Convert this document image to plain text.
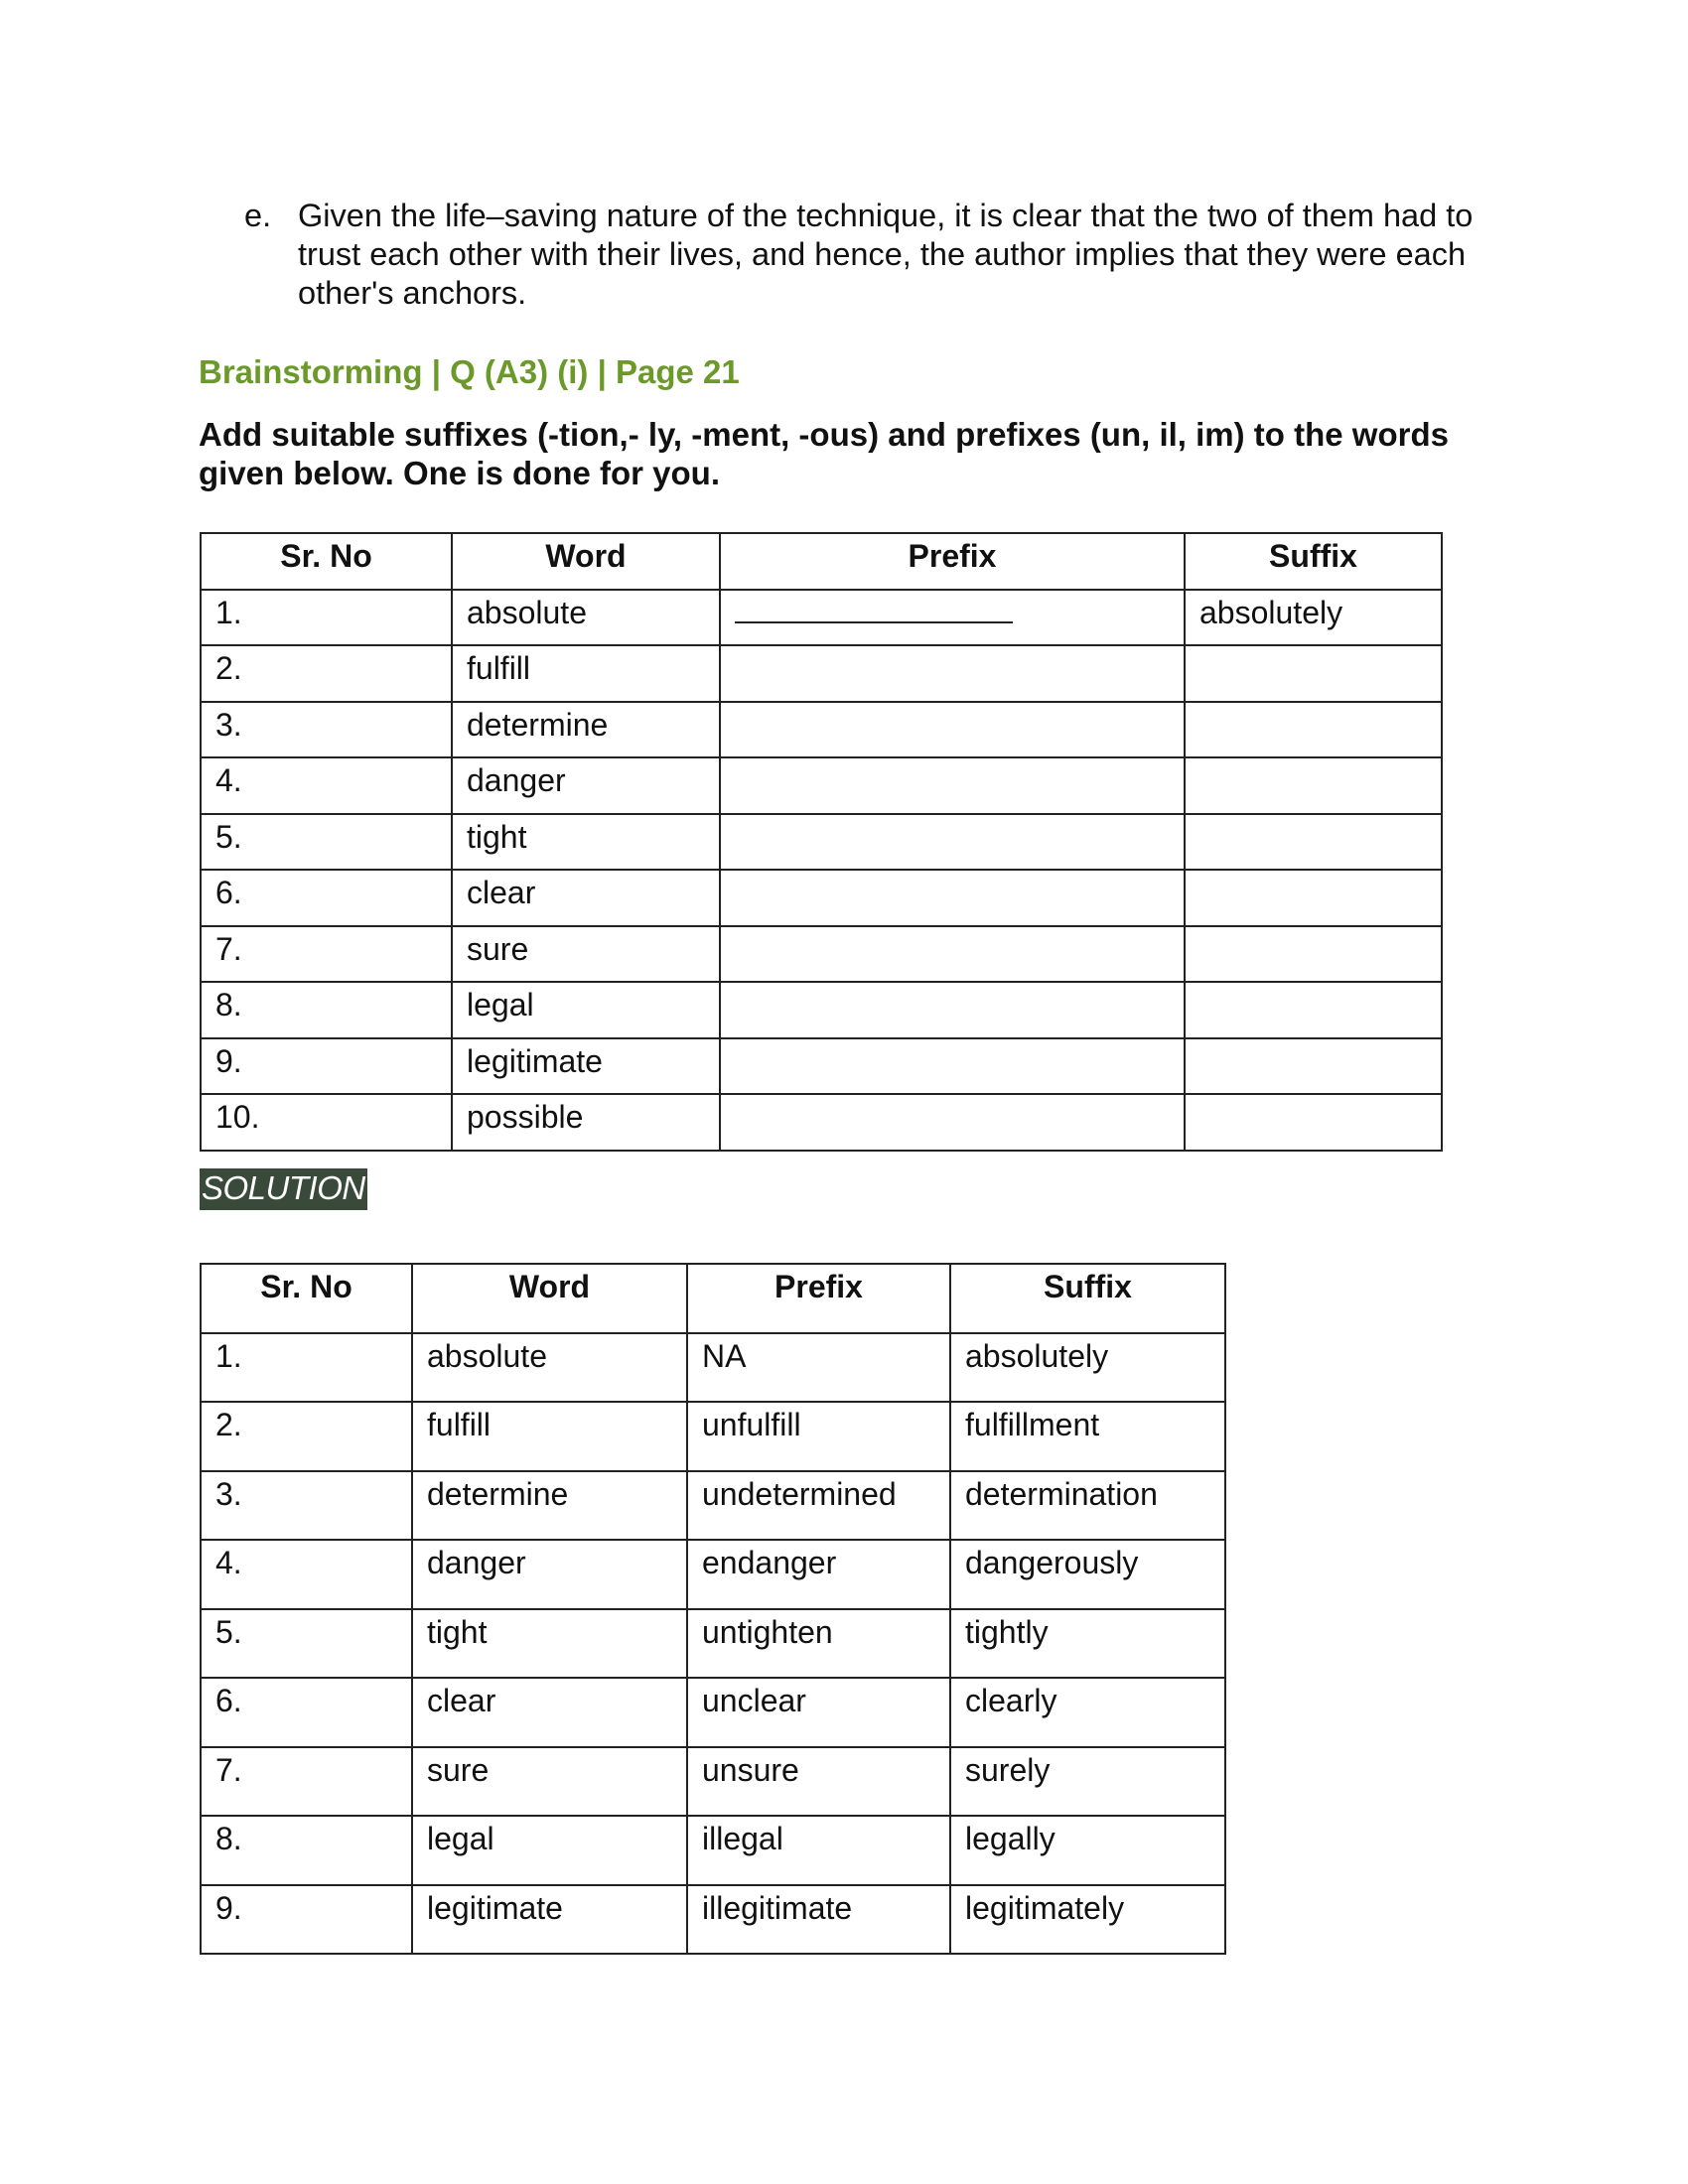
e. Given the life–saving nature of the technique, it is clear that the two of them had to trust each other with their lives, and hence, the author implies that they were each other's anchors.
Brainstorming | Q (A3) (i) | Page 21
Add suitable suffixes (-tion,- ly, -ment, -ous) and prefixes (un, il, im) to the words given below. One is done for you.
Sr. No	Word	Prefix	Suffix
1.	absolute		absolutely
2.	fulfill		
3.	determine		
4.	danger		
5.	tight		
6.	clear		
7.	sure		
8.	legal		
9.	legitimate		
10.	possible		
SOLUTION
Sr. No	Word	Prefix	Suffix
1.	absolute	NA	absolutely
2.	fulfill	unfulfill	fulfillment
3.	determine	undetermined	determination
4.	danger	endanger	dangerously
5.	tight	untighten	tightly
6.	clear	unclear	clearly
7.	sure	unsure	surely
8.	legal	illegal	legally
9.	legitimate	illegitimate	legitimately
